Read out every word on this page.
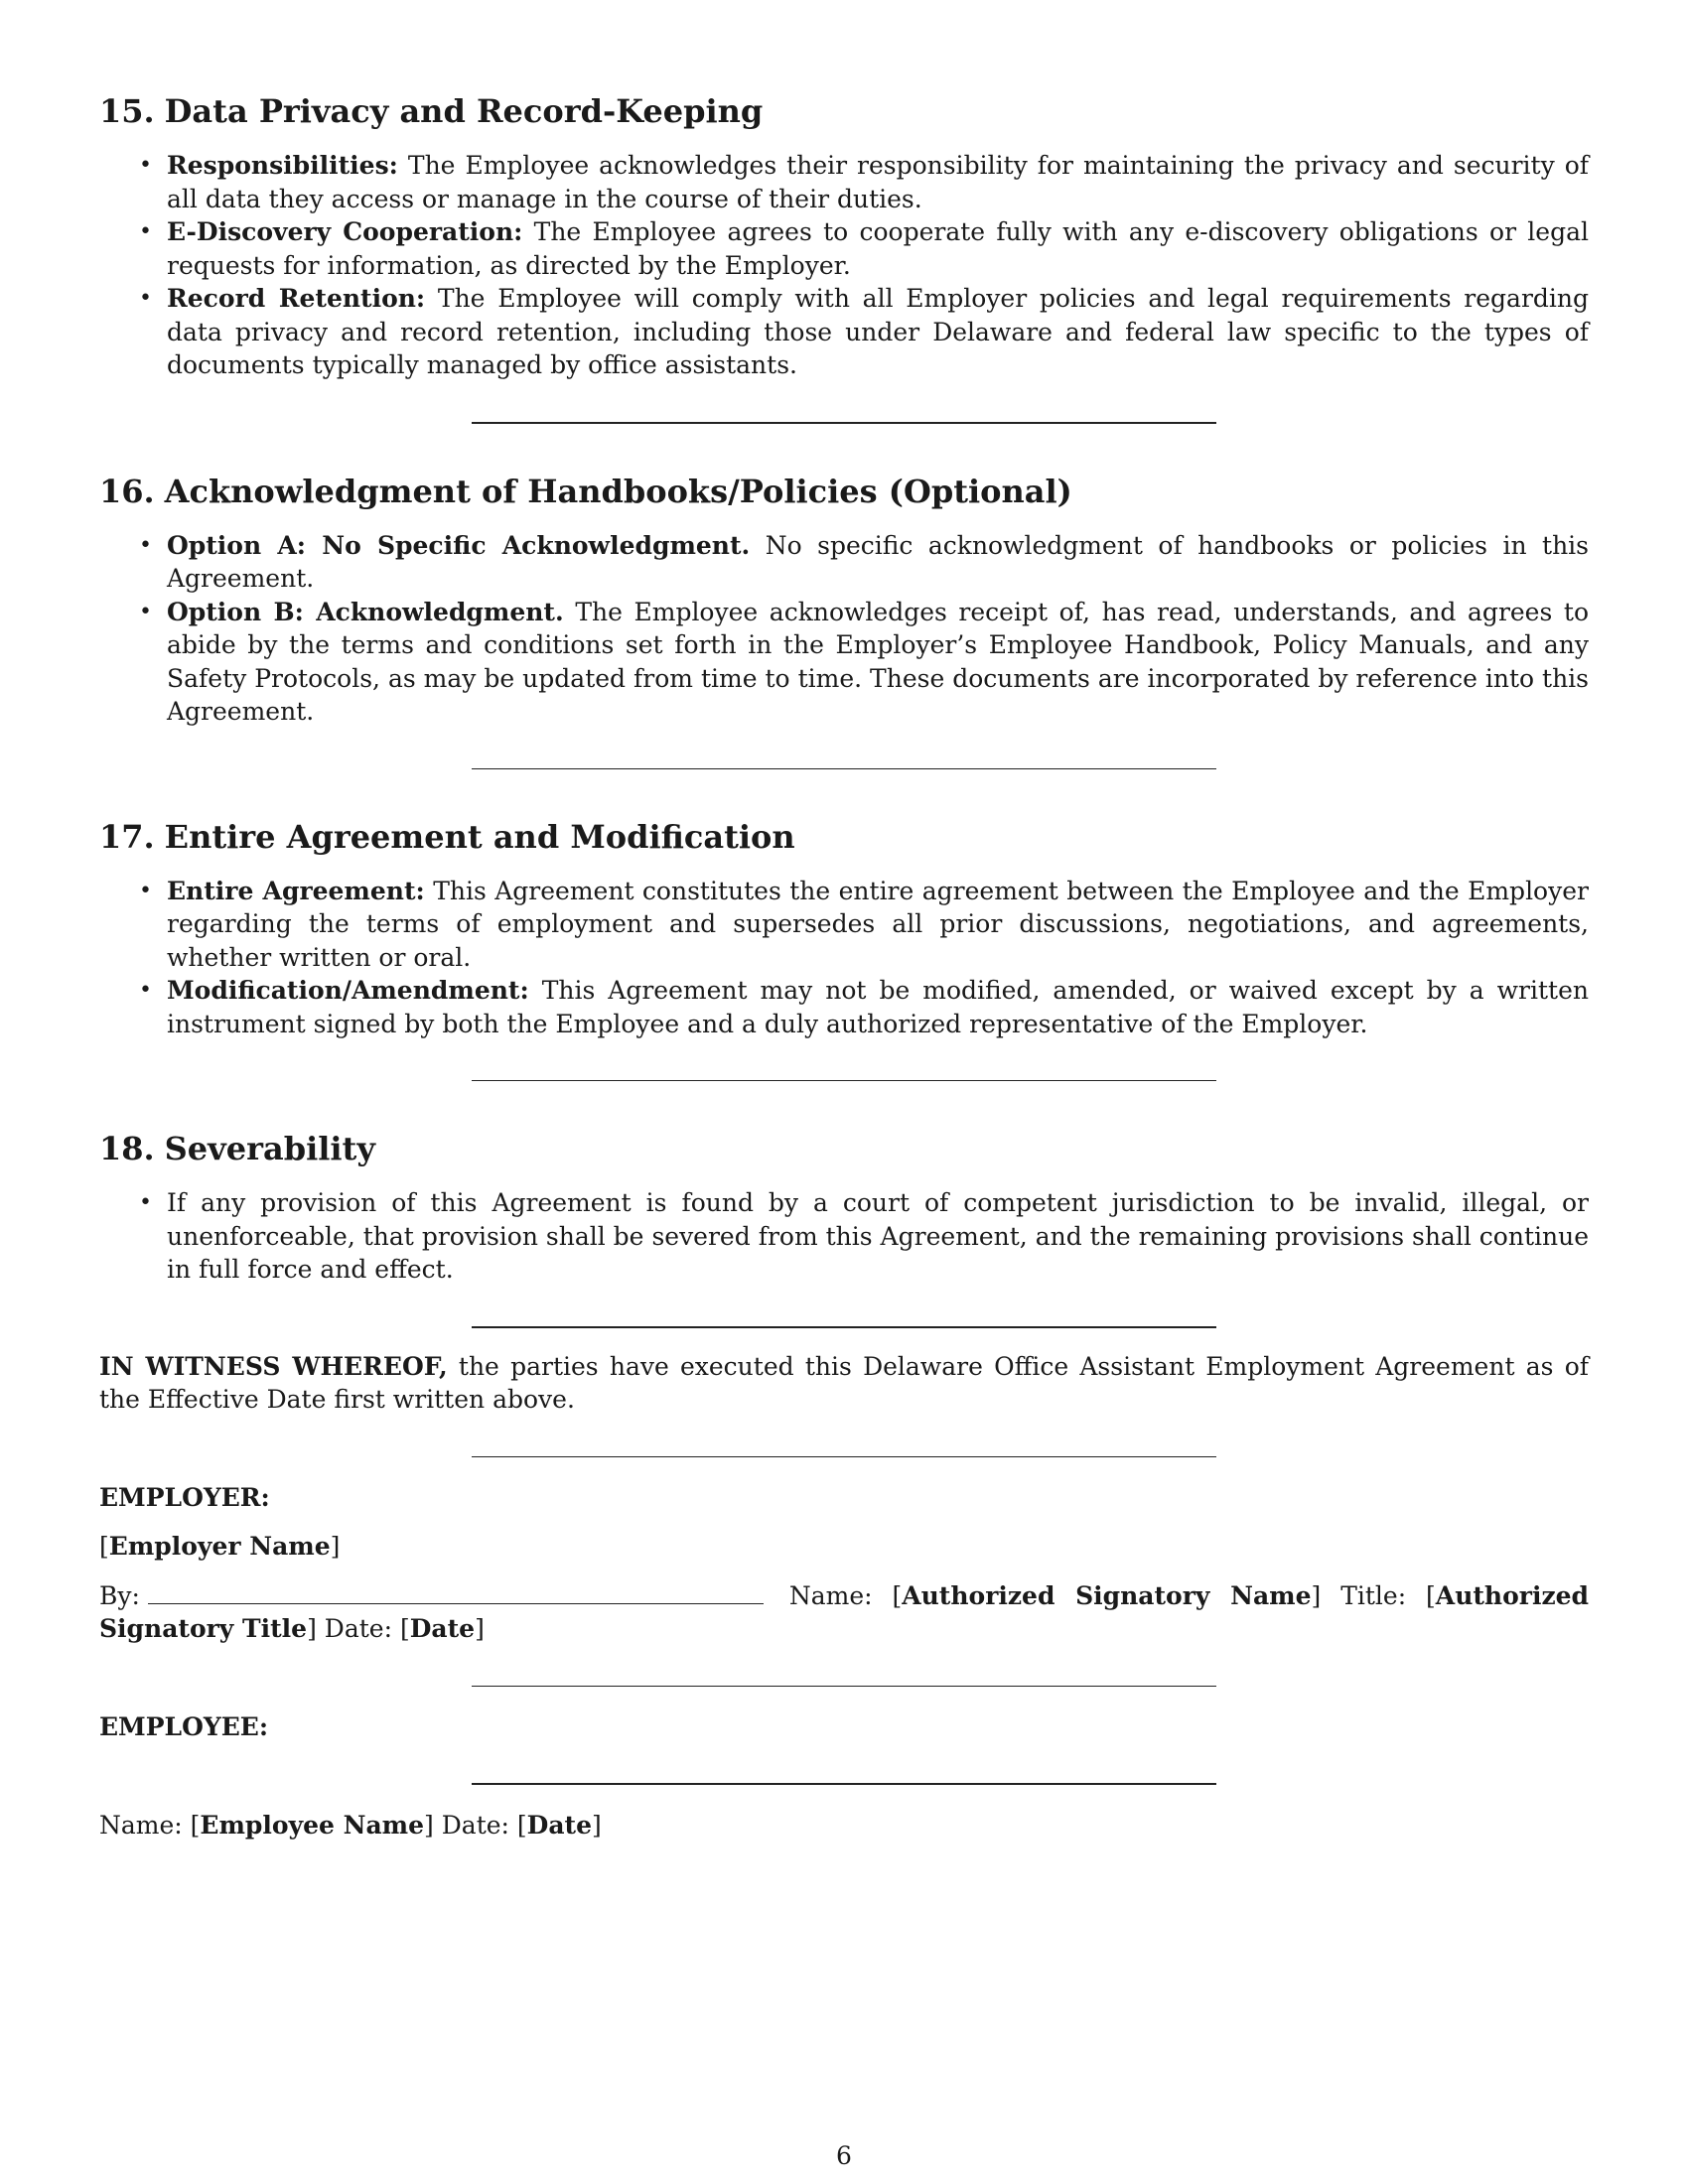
15. Data Privacy and Record-Keeping
• Responsibilities: The Employee acknowledges their responsibility for maintaining the privacy and security of all data they access or manage in the course of their duties.
• E-Discovery Cooperation: The Employee agrees to cooperate fully with any e-discovery obligations or legal requests for information, as directed by the Employer.
• Record Retention: The Employee will comply with all Employer policies and legal requirements regarding data privacy and record retention, including those under Delaware and federal law specific to the types of documents typically managed by office assistants.
16. Acknowledgment of Handbooks/Policies (Optional)
• Option A: No Specific Acknowledgment. No specific acknowledgment of handbooks or policies in this Agreement.
• Option B: Acknowledgment. The Employee acknowledges receipt of, has read, understands, and agrees to abide by the terms and conditions set forth in the Employer’s Employee Handbook, Policy Manuals, and any Safety Protocols, as may be updated from time to time. These documents are incorporated by reference into this Agreement.
17. Entire Agreement and Modification
• Entire Agreement: This Agreement constitutes the entire agreement between the Employee and the Employer regarding the terms of employment and supersedes all prior discussions, negotiations, and agreements, whether written or oral.
• Modification/Amendment: This Agreement may not be modified, amended, or waived except by a written instrument signed by both the Employee and a duly authorized representative of the Employer.
18. Severability
• If any provision of this Agreement is found by a court of competent jurisdiction to be invalid, illegal, or unenforceable, that provision shall be severed from this Agreement, and the remaining provisions shall continue in full force and effect.

IN WITNESS WHEREOF, the parties have executed this Delaware Office Assistant Employment Agreement as of the Effective Date first written above.

EMPLOYER:

[Employer Name]

By:	Name: [Authorized Signatory Name] Title: [Authorized Signatory Title] Date: [Date]

EMPLOYEE:

Name: [Employee Name] Date: [Date]

6
